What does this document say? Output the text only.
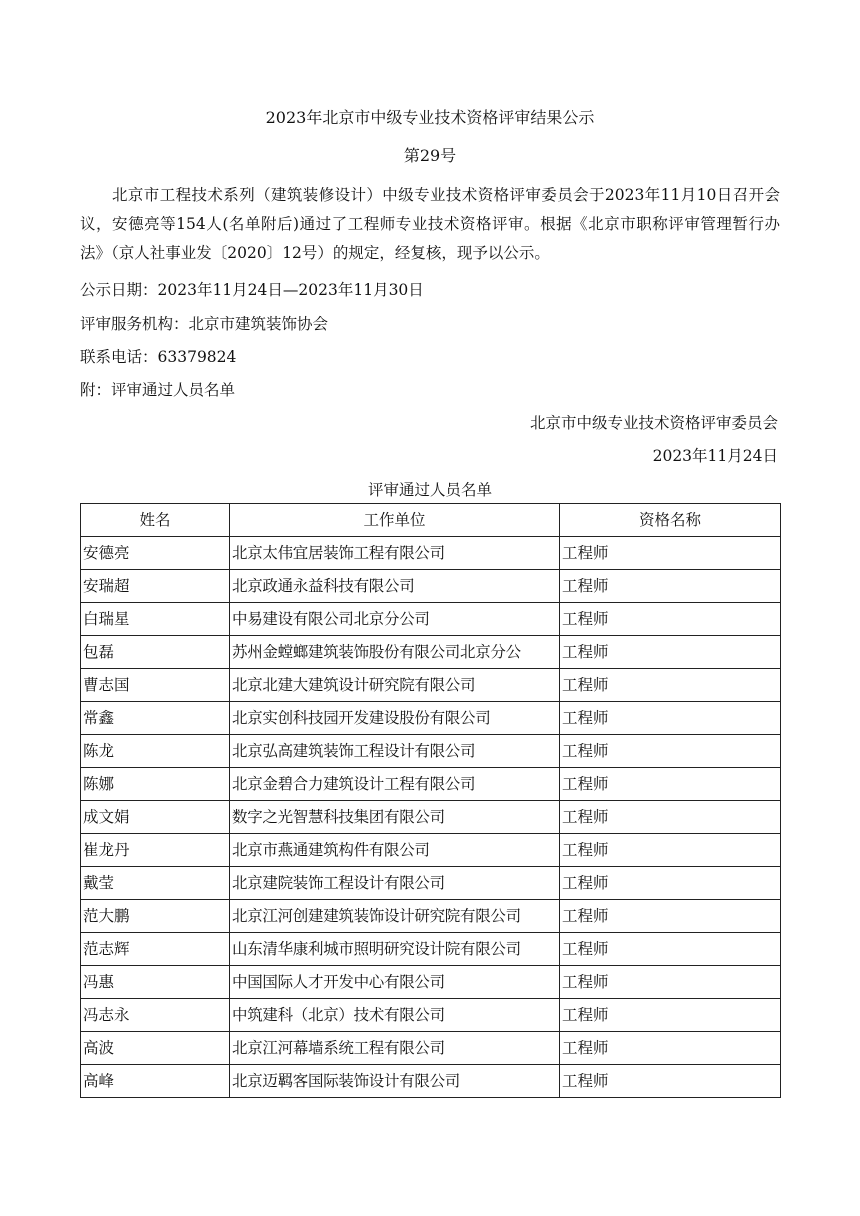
2023年北京市中级专业技术资格评审结果公示
第29号

北京市工程技术系列（建筑装修设计）中级专业技术资格评审委员会于2023年11月10日召开会议，安德亮等154人(名单附后)通过了工程师专业技术资格评审。根据《北京市职称评审管理暂行办法》（京人社事业发〔2020〕12号）的规定，经复核，现予以公示。

公示日期：2023年11月24日—2023年11月30日
评审服务机构：北京市建筑装饰协会
联系电话：63379824
附：评审通过人员名单
北京市中级专业技术资格评审委员会
2023年11月24日
评审通过人员名单
姓名	工作单位	资格名称
安德亮	北京太伟宜居装饰工程有限公司	工程师
安瑞超	北京政通永益科技有限公司	工程师
白瑞星	中易建设有限公司北京分公司	工程师
包磊	苏州金螳螂建筑装饰股份有限公司北京分公	工程师
曹志国	北京北建大建筑设计研究院有限公司	工程师
常鑫	北京实创科技园开发建设股份有限公司	工程师
陈龙	北京弘高建筑装饰工程设计有限公司	工程师
陈娜	北京金碧合力建筑设计工程有限公司	工程师
成文娟	数字之光智慧科技集团有限公司	工程师
崔龙丹	北京市燕通建筑构件有限公司	工程师
戴莹	北京建院装饰工程设计有限公司	工程师
范大鹏	北京江河创建建筑装饰设计研究院有限公司	工程师
范志辉	山东清华康利城市照明研究设计院有限公司	工程师
冯惠	中国国际人才开发中心有限公司	工程师
冯志永	中筑建科（北京）技术有限公司	工程师
高波	北京江河幕墙系统工程有限公司	工程师
高峰	北京迈羁客国际装饰设计有限公司	工程师
